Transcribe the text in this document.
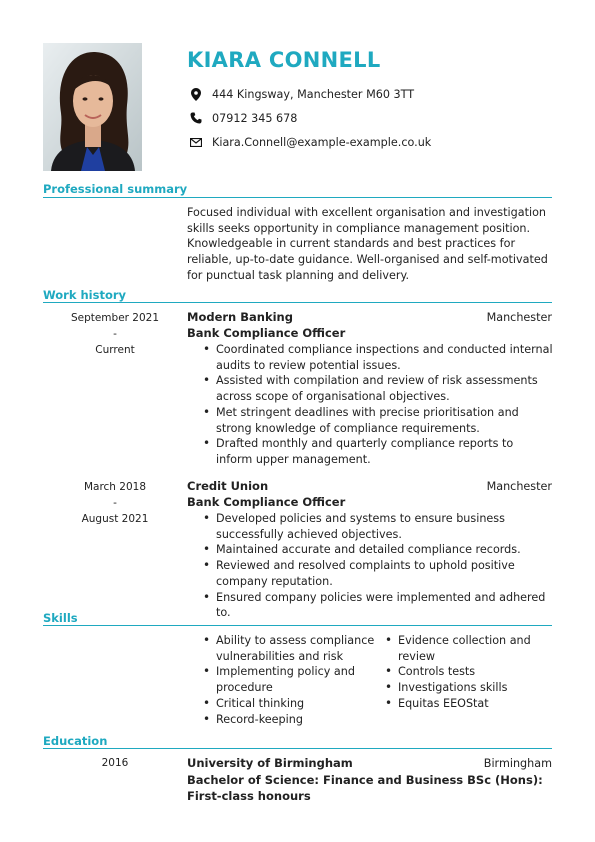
KIARA CONNELL
444 Kingsway, Manchester M60 3TT
07912 345 678
Kiara.Connell@example-example.co.uk
Professional summary
Focused individual with excellent organisation and investigation skills seeks opportunity in compliance management position. Knowledgeable in current standards and best practices for reliable, up-to-date guidance. Well-organised and self-motivated for punctual task planning and delivery.
Work history
September 2021
-
Current
Modern Banking	Manchester
Bank Compliance Officer
• Coordinated compliance inspections and conducted internal audits to review potential issues.
• Assisted with compilation and review of risk assessments across scope of organisational objectives.
• Met stringent deadlines with precise prioritisation and strong knowledge of compliance requirements.
• Drafted monthly and quarterly compliance reports to inform upper management.
March 2018
-
August 2021
Credit Union	Manchester
Bank Compliance Officer
• Developed policies and systems to ensure business successfully achieved objectives.
• Maintained accurate and detailed compliance records.
• Reviewed and resolved complaints to uphold positive company reputation.
• Ensured company policies were implemented and adhered to.
Skills
• Ability to assess compliance vulnerabilities and risk
• Implementing policy and procedure
• Critical thinking
• Record-keeping
• Evidence collection and review
• Controls tests
• Investigations skills
• Equitas EEOStat
Education
2016	University of Birmingham	Birmingham
Bachelor of Science: Finance and Business BSc (Hons): First-class honours
